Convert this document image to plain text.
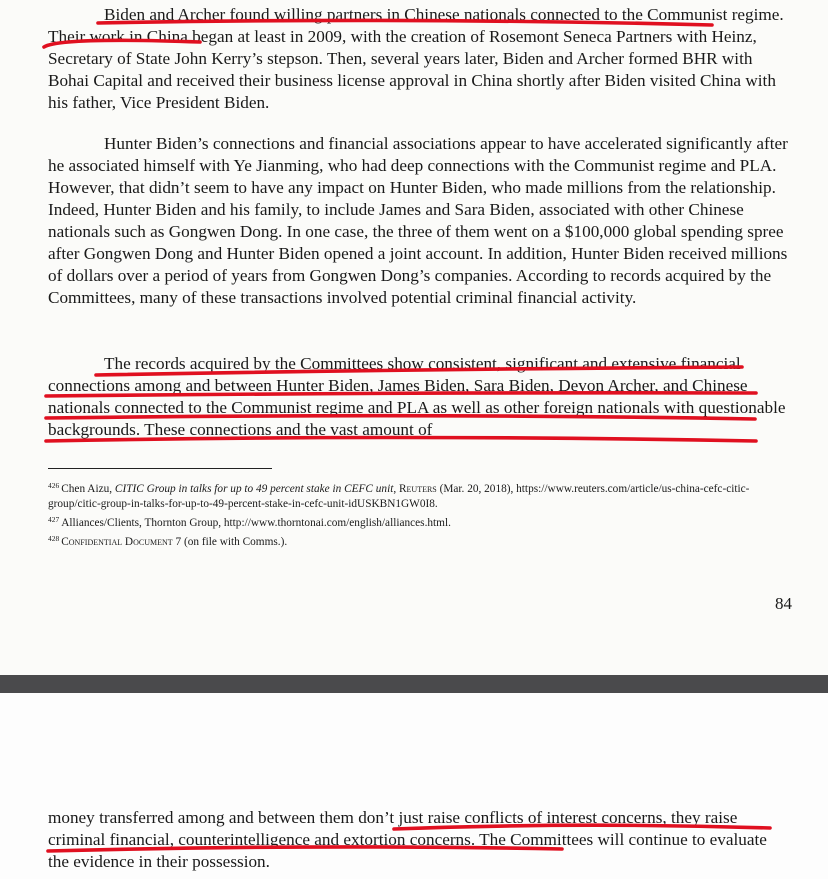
Biden and Archer found willing partners in Chinese nationals connected to the Communist regime. Their work in China began at least in 2009, with the creation of Rosemont Seneca Partners with Heinz, Secretary of State John Kerry’s stepson. Then, several years later, Biden and Archer formed BHR with Bohai Capital and received their business license approval in China shortly after Biden visited China with his father, Vice President Biden.

Hunter Biden’s connections and financial associations appear to have accelerated significantly after he associated himself with Ye Jianming, who had deep connections with the Communist regime and PLA. However, that didn’t seem to have any impact on Hunter Biden, who made millions from the relationship. Indeed, Hunter Biden and his family, to include James and Sara Biden, associated with other Chinese nationals such as Gongwen Dong. In one case, the three of them went on a $100,000 global spending spree after Gongwen Dong and Hunter Biden opened a joint account. In addition, Hunter Biden received millions of dollars over a period of years from Gongwen Dong’s companies. According to records acquired by the Committees, many of these transactions involved potential criminal financial activity.

The records acquired by the Committees show consistent, significant and extensive financial connections among and between Hunter Biden, James Biden, Sara Biden, Devon Archer, and Chinese nationals connected to the Communist regime and PLA as well as other foreign nationals with questionable backgrounds. These connections and the vast amount of

$^{426}$ Chen Aizu, CITIC Group in talks for up to 49 percent stake in CEFC unit, Reuters (Mar. 20, 2018), https://www.reuters.com/article/us-china-cefc-citic-group/citic-group-in-talks-for-up-to-49-percent-stake-in-cefc-unit-idUSKBN1GW0I8.

$^{427}$ Alliances/Clients, Thornton Group, http://www.thorntonai.com/english/alliances.html.

$^{428}$ Confidential Document 7 (on file with Comms.).

84

money transferred among and between them don’t just raise conflicts of interest concerns, they raise criminal financial, counterintelligence and extortion concerns. The Committees will continue to evaluate the evidence in their possession.
